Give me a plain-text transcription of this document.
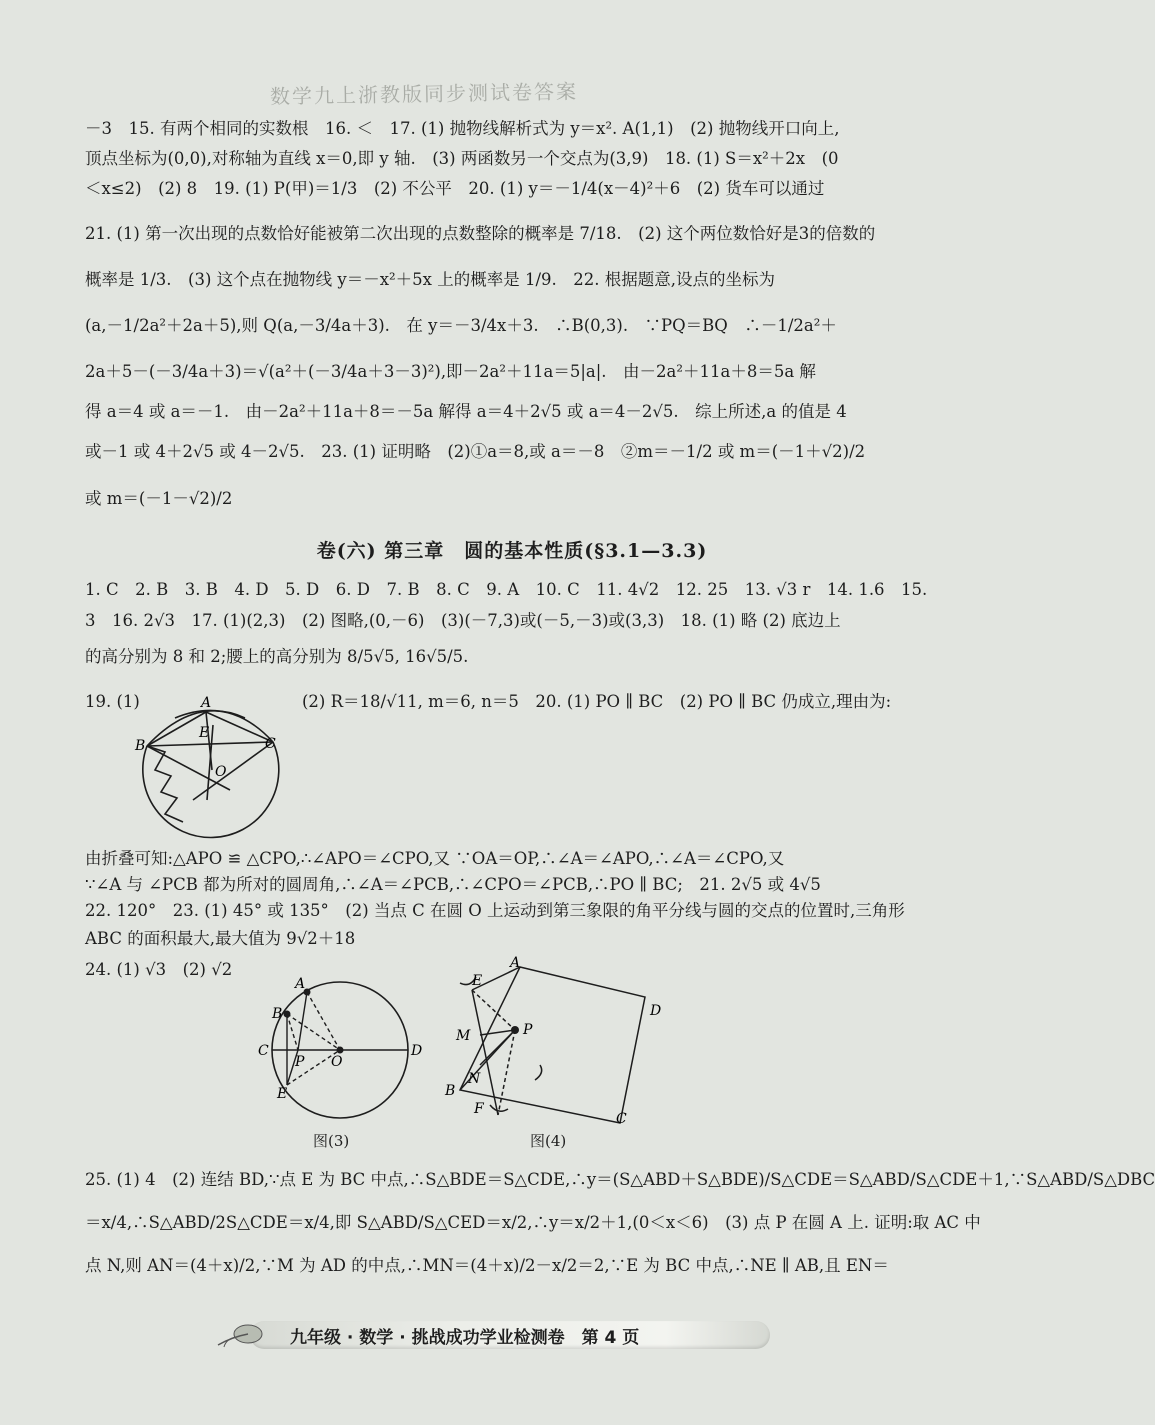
数学九上浙教版同步测试卷答案
－3　15. 有两个相同的实数根　16. ＜　17. (1) 抛物线解析式为 y＝x². A(1,1)　(2) 抛物线开口向上,
顶点坐标为(0,0),对称轴为直线 x＝0,即 y 轴.　(3) 两函数另一个交点为(3,9)　18. (1) S＝x²＋2x　(0
＜x≤2)　(2) 8　19. (1) P(甲)＝1/3　(2) 不公平　20. (1) y＝－1/4(x－4)²＋6　(2) 货车可以通过
21. (1) 第一次出现的点数恰好能被第二次出现的点数整除的概率是 7/18.　(2) 这个两位数恰好是3的倍数的
概率是 1/3.　(3) 这个点在抛物线 y＝－x²＋5x 上的概率是 1/9.　22. 根据题意,设点的坐标为
(a,－1/2a²＋2a＋5),则 Q(a,－3/4a＋3).　在 y＝－3/4x＋3.　∴B(0,3).　∵PQ＝BQ　∴－1/2a²＋
2a＋5－(－3/4a＋3)＝√(a²＋(－3/4a＋3－3)²),即－2a²＋11a＝5|a|.　由－2a²＋11a＋8＝5a 解
得 a＝4 或 a＝－1.　由－2a²＋11a＋8＝－5a 解得 a＝4＋2√5 或 a＝4－2√5.　综上所述,a 的值是 4
或－1 或 4＋2√5 或 4－2√5.　23. (1) 证明略　(2)①a＝8,或 a＝－8　②m＝－1/2 或 m＝(－1＋√2)/2
或 m＝(－1－√2)/2
卷(六) 第三章　圆的基本性质(§3.1—3.3)
1. C　2. B　3. B　4. D　5. D　6. D　7. B　8. C　9. A　10. C　11. 4√2　12. 25　13. √3 r　14. 1.6　15.
3　16. 2√3　17. (1)(2,3)　(2) 图略,(0,－6)　(3)(－7,3)或(－5,－3)或(3,3)　18. (1) 略 (2) 底边上
的高分别为 8 和 2;腰上的高分别为 8/5√5, 16√5/5.
19. (1)	(2) R＝18/√11, m＝6, n＝5　20. (1) PO ∥ BC　(2) PO ∥ BC 仍成立,理由为:
A
B	C
E
O
由折叠可知:△APO ≌ △CPO,∴∠APO＝∠CPO,又 ∵OA＝OP,∴∠A＝∠APO,∴∠A＝∠CPO,又
∵∠A 与 ∠PCB 都为所对的圆周角,∴∠A＝∠PCB,∴∠CPO＝∠PCB,∴PO ∥ BC;　21. 2√5 或 4√5
22. 120°　23. (1) 45° 或 135°　(2) 当点 C 在圆 O 上运动到第三象限的角平分线与圆的交点的位置时,三角形
ABC 的面积最大,最大值为 9√2＋18
24. (1) √3　(2) √2
A
B
C	D
E
O
P
图(3)
A
B
C
D
E
F
M
N
P
图(4)
25. (1) 4　(2) 连结 BD,∵点 E 为 BC 中点,∴S△BDE＝S△CDE,∴y＝(S△ABD＋S△BDE)/S△CDE＝S△ABD/S△CDE＋1,∵S△ABD/S△DBC
＝x/4,∴S△ABD/2S△CDE＝x/4,即 S△ABD/S△CED＝x/2,∴y＝x/2＋1,(0＜x＜6)　(3) 点 P 在圆 A 上. 证明:取 AC 中
点 N,则 AN＝(4＋x)/2,∵M 为 AD 的中点,∴MN＝(4＋x)/2－x/2＝2,∵E 为 BC 中点,∴NE ∥ AB,且 EN＝
九年级 · 数学 · 挑战成功学业检测卷　第 4 页
